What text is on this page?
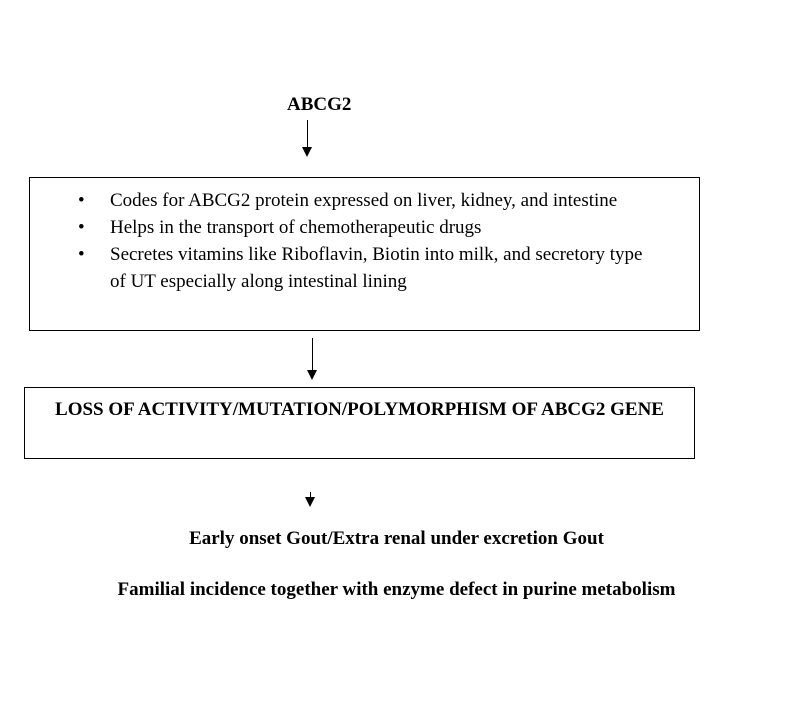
ABCG2
• Codes for ABCG2 protein expressed on liver, kidney, and intestine
• Helps in the transport of chemotherapeutic drugs
• Secretes vitamins like Riboflavin, Biotin into milk, and secretory type of UT especially along intestinal lining
LOSS OF ACTIVITY/MUTATION/POLYMORPHISM OF ABCG2 GENE
Early onset Gout/Extra renal under excretion Gout
Familial incidence together with enzyme defect in purine metabolism
